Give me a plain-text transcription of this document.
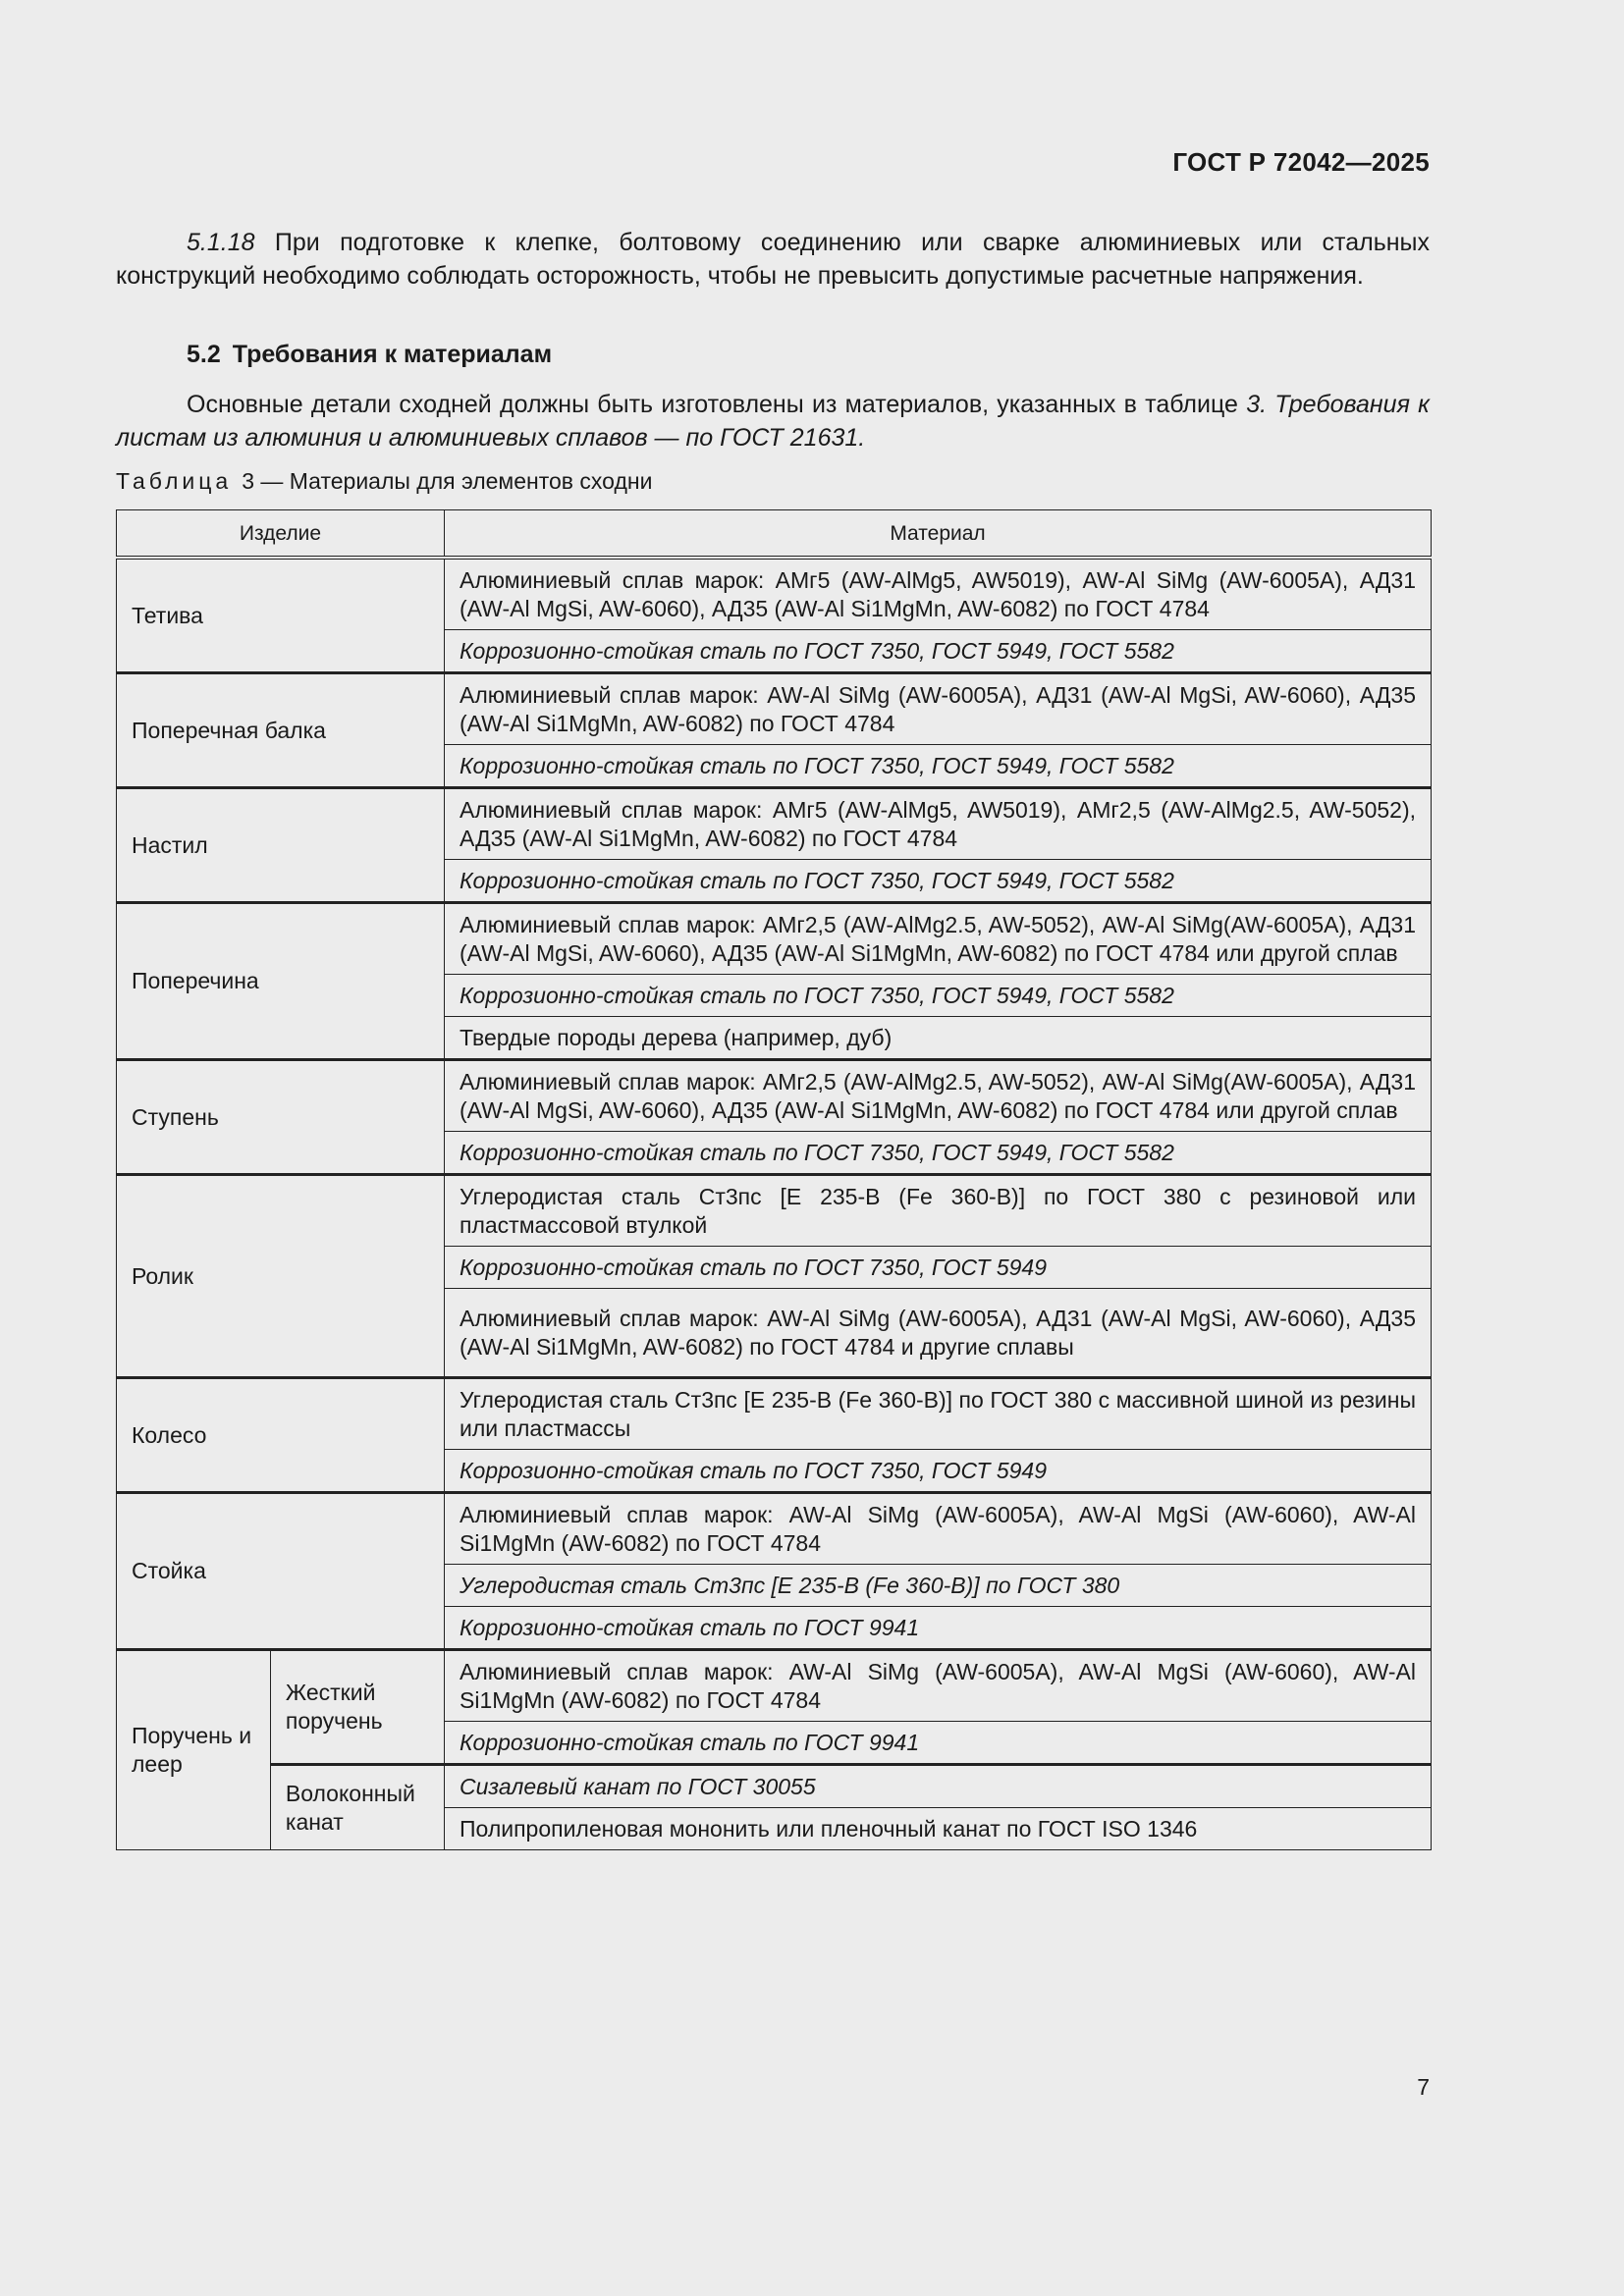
ГОСТ Р 72042—2025
5.1.18 При подготовке к клепке, болтовому соединению или сварке алюминиевых или стальных конструкций необходимо соблюдать осторожность, чтобы не превысить допустимые расчетные напряжения.
5.2 Требования к материалам
Основные детали сходней должны быть изготовлены из материалов, указанных в таблице 3. Требования к листам из алюминия и алюминиевых сплавов — по ГОСТ 21631.
Таблица 3 — Материалы для элементов сходни
Изделие		Материал
Тетива		Алюминиевый сплав марок: АМг5 (AW-AlMg5, AW5019), AW-Al SiMg (AW-6005A), АД31 (AW-Al MgSi, AW-6060), АД35 (AW-Al Si1MgMn, AW-6082) по ГОСТ 4784
		Коррозионно-стойкая сталь по ГОСТ 7350, ГОСТ 5949, ГОСТ 5582
Поперечная балка		Алюминиевый сплав марок: AW-Al SiMg (AW-6005A), АД31 (AW-Al MgSi, AW-6060), АД35 (AW-Al Si1MgMn, AW-6082) по ГОСТ 4784
		Коррозионно-стойкая сталь по ГОСТ 7350, ГОСТ 5949, ГОСТ 5582
Настил		Алюминиевый сплав марок: АМг5 (AW-AlMg5, AW5019), АМг2,5 (AW-AlMg2.5, AW-5052), АД35 (AW-Al Si1MgMn, AW-6082) по ГОСТ 4784
		Коррозионно-стойкая сталь по ГОСТ 7350, ГОСТ 5949, ГОСТ 5582
Поперечина		Алюминиевый сплав марок: АМг2,5 (AW-AlMg2.5, AW-5052), AW-Al SiMg(AW-6005A), АД31 (AW-Al MgSi, AW-6060), АД35 (AW-Al Si1MgMn, AW-6082) по ГОСТ 4784 или другой сплав
		Коррозионно-стойкая сталь по ГОСТ 7350, ГОСТ 5949, ГОСТ 5582
		Твердые породы дерева (например, дуб)
Ступень		Алюминиевый сплав марок: АМг2,5 (AW-AlMg2.5, AW-5052), AW-Al SiMg(AW-6005A), АД31 (AW-Al MgSi, AW-6060), АД35 (AW-Al Si1MgMn, AW-6082) по ГОСТ 4784 или другой сплав
		Коррозионно-стойкая сталь по ГОСТ 7350, ГОСТ 5949, ГОСТ 5582
Ролик		Углеродистая сталь Ст3пс [Е 235-В (Fe 360-В)] по ГОСТ 380 с резиновой или пластмассовой втулкой
		Коррозионно-стойкая сталь по ГОСТ 7350, ГОСТ 5949
		Алюминиевый сплав марок: AW-Al SiMg (AW-6005A), АД31 (AW-Al MgSi, AW-6060), АД35 (AW-Al Si1MgMn, AW-6082) по ГОСТ 4784 и другие сплавы
Колесо		Углеродистая сталь Ст3пс [Е 235-В (Fe 360-В)] по ГОСТ 380 с массивной шиной из резины или пластмассы
		Коррозионно-стойкая сталь по ГОСТ 7350, ГОСТ 5949
Стойка		Алюминиевый сплав марок: AW-Al SiMg (AW-6005A), AW-Al MgSi (AW-6060), AW-Al Si1MgMn (AW-6082) по ГОСТ 4784
		Углеродистая сталь Ст3пс [Е 235-В (Fe 360-В)] по ГОСТ 380
		Коррозионно-стойкая сталь по ГОСТ 9941
Поручень и леер	Жесткий поручень	Алюминиевый сплав марок: AW-Al SiMg (AW-6005A), AW-Al MgSi (AW-6060), AW-Al Si1MgMn (AW-6082) по ГОСТ 4784
		Коррозионно-стойкая сталь по ГОСТ 9941
	Волоконный канат	Сизалевый канат по ГОСТ 30055
		Полипропиленовая мононить или пленочный канат по ГОСТ ISO 1346
7
